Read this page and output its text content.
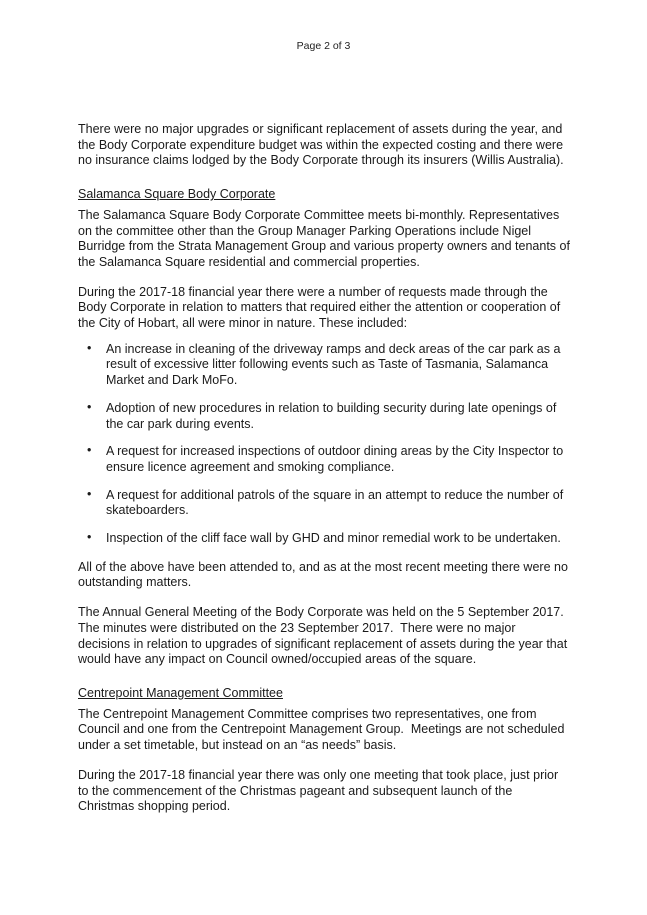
Page 2 of 3

There were no major upgrades or significant replacement of assets during the year, and the Body Corporate expenditure budget was within the expected costing and there were no insurance claims lodged by the Body Corporate through its insurers (Willis Australia).

Salamanca Square Body Corporate

The Salamanca Square Body Corporate Committee meets bi-monthly. Representatives on the committee other than the Group Manager Parking Operations include Nigel Burridge from the Strata Management Group and various property owners and tenants of the Salamanca Square residential and commercial properties.

During the 2017-18 financial year there were a number of requests made through the Body Corporate in relation to matters that required either the attention or cooperation of the City of Hobart, all were minor in nature. These included:

• An increase in cleaning of the driveway ramps and deck areas of the car park as a result of excessive litter following events such as Taste of Tasmania, Salamanca Market and Dark MoFo.
• Adoption of new procedures in relation to building security during late openings of the car park during events.
• A request for increased inspections of outdoor dining areas by the City Inspector to ensure licence agreement and smoking compliance.
• A request for additional patrols of the square in an attempt to reduce the number of skateboarders.
• Inspection of the cliff face wall by GHD and minor remedial work to be undertaken.

All of the above have been attended to, and as at the most recent meeting there were no outstanding matters.

The Annual General Meeting of the Body Corporate was held on the 5 September 2017.  The minutes were distributed on the 23 September 2017.  There were no major decisions in relation to upgrades of significant replacement of assets during the year that would have any impact on Council owned/occupied areas of the square.

Centrepoint Management Committee

The Centrepoint Management Committee comprises two representatives, one from Council and one from the Centrepoint Management Group.  Meetings are not scheduled under a set timetable, but instead on an “as needs” basis.

During the 2017-18 financial year there was only one meeting that took place, just prior to the commencement of the Christmas pageant and subsequent launch of the Christmas shopping period.
